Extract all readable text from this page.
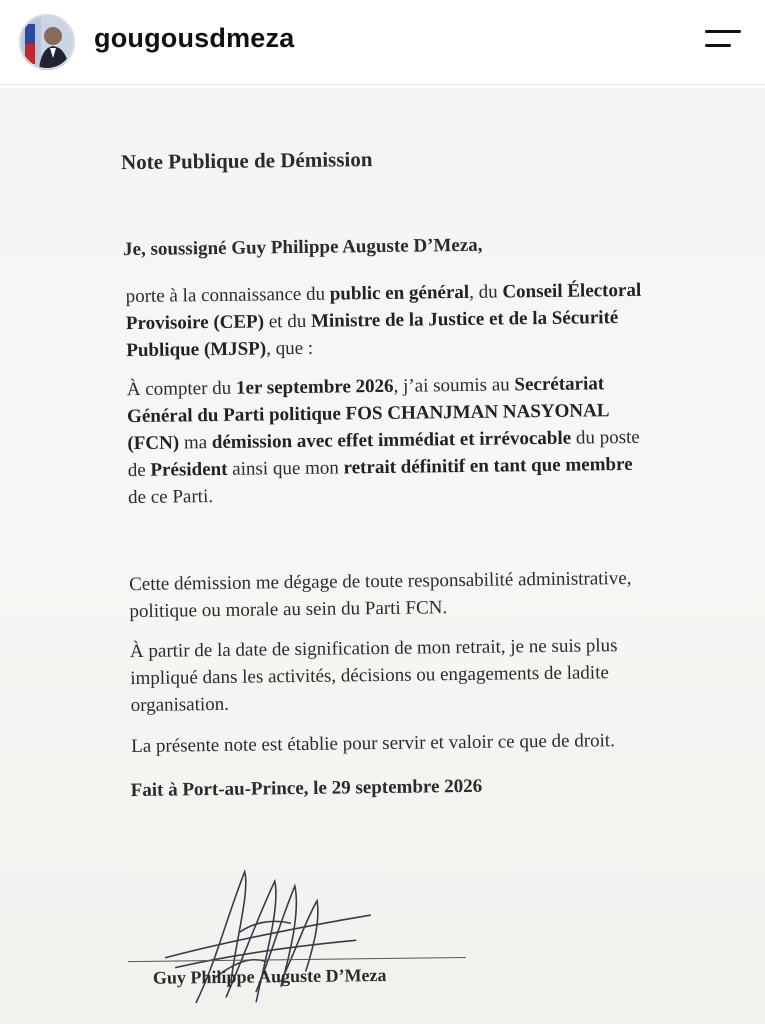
gougousdmeza
Note Publique de Démission
Je, soussigné Guy Philippe Auguste D’Meza,
porte à la connaissance du public en général, du Conseil Électoral
Provisoire (CEP) et du Ministre de la Justice et de la Sécurité
Publique (MJSP), que :
À compter du 1er septembre 2026, j’ai soumis au Secrétariat
Général du Parti politique FOS CHANJMAN NASYONAL
(FCN) ma démission avec effet immédiat et irrévocable du poste
de Président ainsi que mon retrait définitif en tant que membre
de ce Parti.
Cette démission me dégage de toute responsabilité administrative,
politique ou morale au sein du Parti FCN.
À partir de la date de signification de mon retrait, je ne suis plus
impliqué dans les activités, décisions ou engagements de ladite
organisation.
La présente note est établie pour servir et valoir ce que de droit.
Fait à Port-au-Prince, le 29 septembre 2026
Guy Philippe Auguste D’Meza
